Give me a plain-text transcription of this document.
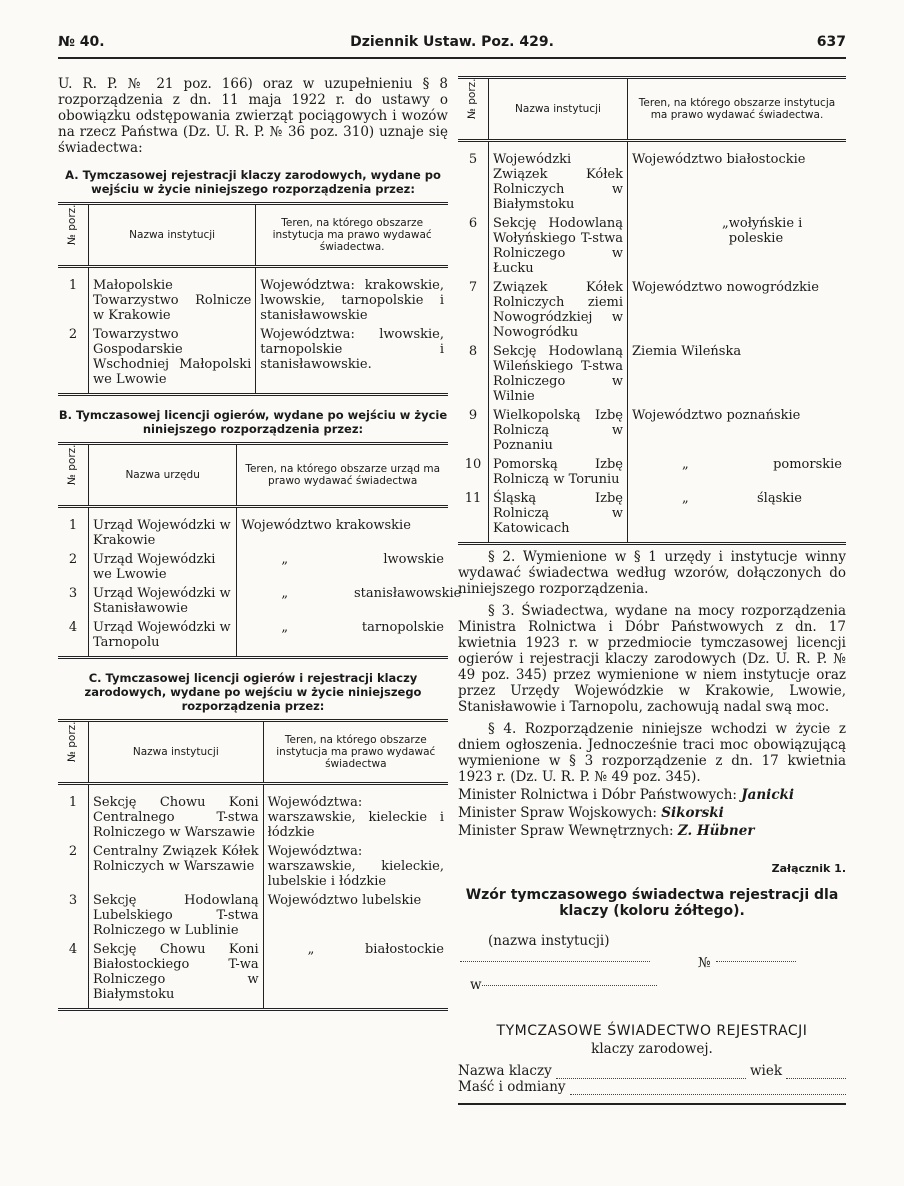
№ 40.	Dziennik Ustaw. Poz. 429.	637

U. R. P. № 21 poz. 166) oraz w uzupełnieniu § 8 rozporządzenia z dn. 11 maja 1922 r. do ustawy o obowiązku odstępowania zwierząt pociągowych i wozów na rzecz Państwa (Dz. U. R. P. № 36 poz. 310) uznaje się świadectwa:

A. Tymczasowej rejestracji klaczy zarodowych, wydane po wejściu w życie niniejszego rozporządzenia przez:
№ porz.	Nazwa instytucji	Teren, na którego obszarze instytucja ma prawo wydawać świadectwa.
1	Małopolskie Towarzystwo Rolnicze w Krakowie	Województwa: krakowskie, lwowskie, tarnopolskie i stanisławowskie
2	Towarzystwo Gospodarskie Wschodniej Małopolski we Lwowie	Województwa: lwowskie, tarnopolskie i stanisławowskie.
B. Tymczasowej licencji ogierów, wydane po wejściu w życie niniejszego rozporządzenia przez:
№ porz.	Nazwa urzędu	Teren, na którego obszarze urząd ma prawo wydawać świadectwa
1	Urząd Wojewódzki w Krakowie	Województwo krakowskie
2	Urząd Wojewódzki we Lwowie	„ lwowskie

3	Urząd Wojewódzki w Stanisławowie	„ stanisławowskie

4	Urząd Wojewódzki w Tarnopolu	„ tarnopolskie
C. Tymczasowej licencji ogierów i rejestracji klaczy zarodowych, wydane po wejściu w życie niniejszego rozporządzenia przez:
№ porz.	Nazwa instytucji	Teren, na którego obszarze instytucja ma prawo wydawać świadectwa
1	Sekcję Chowu Koni Centralnego T-stwa Rolniczego w Warszawie	Województwa: warszawskie, kieleckie i łódzkie
2	Centralny Związek Kółek Rolniczych w Warszawie	Województwa: warszawskie, kieleckie, lubelskie i łódzkie
3	Sekcję Hodowlaną Lubelskiego T-stwa Rolniczego w Lublinie	Województwo lubelskie
4	Sekcję Chowu Koni Białostockiego T-wa Rolniczego w Białymstoku	„ białostockie
№ porz.	Nazwa instytucji	Teren, na którego obszarze instytucja ma prawo wydawać świadectwa.
5	Wojewódzki Związek Kółek Rolniczych w Białymstoku	Województwo białostockie
6	Sekcję Hodowlaną Wołyńskiego T-stwa Rolniczego w Łucku	„ wołyńskie i poleskie

7	Związek Kółek Rolniczych ziemi Nowogródzkiej w Nowogródku	Województwo nowogródzkie
8	Sekcję Hodowlaną Wileńskiego T-stwa Rolniczego w Wilnie	Ziemia Wileńska
9	Wielkopolską Izbę Rolniczą w Poznaniu	Województwo poznańskie
10	Pomorską Izbę Rolniczą w Toruniu	„ pomorskie

11	Śląską Izbę Rolniczą w Katowicach	„ śląskie

§ 2. Wymienione w § 1 urzędy i instytucje winny wydawać świadectwa według wzorów, dołączonych do niniejszego rozporządzenia.

§ 3. Świadectwa, wydane na mocy rozporządzenia Ministra Rolnictwa i Dóbr Państwowych z dn. 17 kwietnia 1923 r. w przedmiocie tymczasowej licencji ogierów i rejestracji klaczy zarodowych (Dz. U. R. P. № 49 poz. 345) przez wymienione w niem instytucje oraz przez Urzędy Wojewódzkie w Krakowie, Lwowie, Stanisławowie i Tarnopolu, zachowują nadal swą moc.

§ 4. Rozporządzenie niniejsze wchodzi w życie z dniem ogłoszenia. Jednocześnie traci moc obowiązującą wymienione w § 3 rozporządzenie z dn. 17 kwietnia 1923 r. (Dz. U. R. P. № 49 poz. 345).

Minister Rolnictwa i Dóbr Państwowych: Janicki

Minister Spraw Wojskowych: Sikorski

Minister Spraw Wewnętrznych: Z. Hübner

Załącznik 1.
Wzór tymczasowego świadectwa rejestracji dla klaczy (koloru żółtego).

(nazwa instytucji)

№
w
TYMCZASOWE ŚWIADECTWO REJESTRACJI
klaczy zarodowej.
Nazwa klaczy	wiek
Maść i odmiany
